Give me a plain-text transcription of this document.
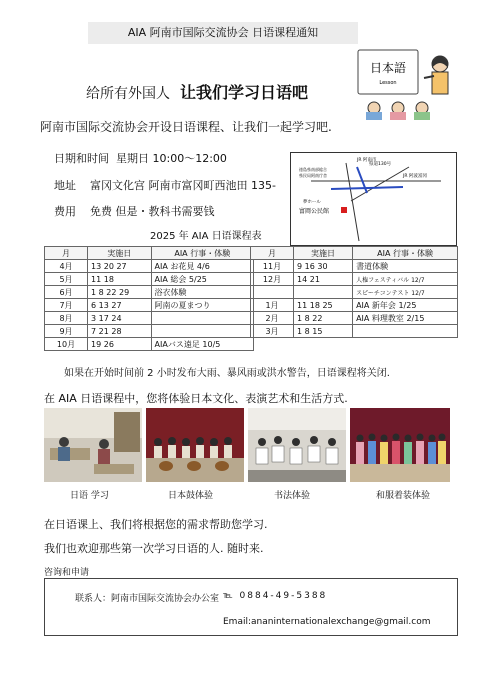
AIA 阿南市国际交流协会 日语课程通知
给所有外国人 让我们学习日语吧
日本語
Lesson
阿南市国际交流协会开设日语课程、让我们一起学习吧.
日期和时间 星期日 10:00～12:00
地址 富冈文化宫 阿南市富冈町西池田 135-
费用 免费 但是・教科书需要钱
JR 阿南市
JR 阿波富冈
県道130号
徳島県南部総合
県民局阿南庁舎
夢ホール
富岡公民館
2025 年 AIA 日语课程表
月	実施日	AIA 行事・体験
4月	13 20 27	AIA お花見 4/6
5月	11 18	AIA 総会 5/25
6月	1 8 22 29	浴衣体験
7月	6 13 27	阿南の夏まつり
8月	3 17 24	
9月	7 21 28	
10月	19 26	AIAバス遠足 10/5
月	実施日	AIA 行事・体験
11月	9 16 30	書道体験
12月	14 21	人権フェスティバル 12/7
		スピーチコンテスト 12/7
1月	11 18 25	AIA 新年会 1/25
2月	1 8 22	AIA 料理教室 2/15
3月	1 8 15	
如果在开始时间前 2 小时发布大雨、暴风雨或洪水警告，日语课程将关闭.
在 AIA 日语课程中，您将体验日本文化、表演艺术和生活方式.
日语 学习	日本鼓体验	书法体验	和服着装体验
在日语课上、我们将根据您的需求帮助您学习.
我们也欢迎那些第一次学习日语的人. 随时来.
咨询和申请
联系人：阿南市国际交流协会办公室 ℡ 0884-49-5388
Email:ananinternationalexchange@gmail.com
